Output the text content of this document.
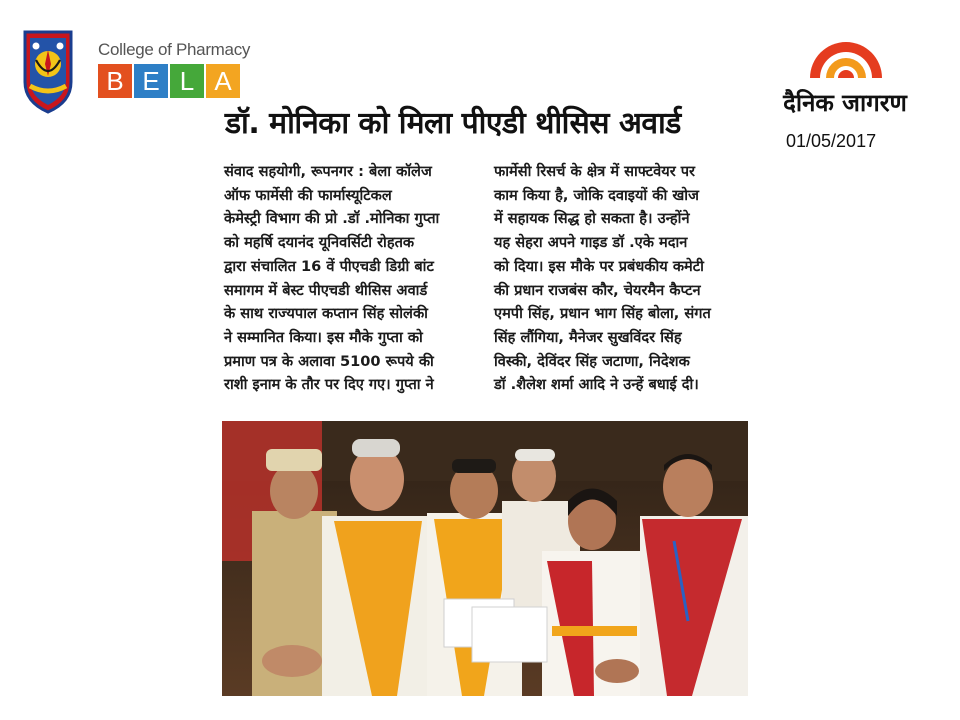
College of Pharmacy
B E L A
दैनिक जागरण
01/05/2017
डॉ. मोनिका को मिला पीएडी थीसिस अवार्ड
संवाद सहयोगी, रूपनगर : बेला कॉलेज
ऑफ फार्मेसी की फार्मास्यूटिकल
केमेस्ट्री विभाग की प्रो .डॉ .मोनिका गुप्ता
को महर्षि दयानंद यूनिवर्सिटी रोहतक
द्वारा संचालित 16 वें पीएचडी डिग्री बांट
समागम में बेस्ट पीएचडी थीसिस अवार्ड
के साथ राज्यपाल कप्तान सिंह सोलंकी
ने सम्मानित किया। इस मौके गुप्ता को
प्रमाण पत्र के अलावा 5100 रूपये की
राशी इनाम के तौर पर दिए गए। गुप्ता ने
फार्मेसी रिसर्च के क्षेत्र में साफ्टवेयर पर
काम किया है, जोकि दवाइयों की खोज
में सहायक सिद्ध हो सकता है। उन्होंने
यह सेहरा अपने गाइड डॉ .एके मदान
को दिया। इस मौके पर प्रबंधकीय कमेटी
की प्रधान राजबंस कौर, चेयरमैन कैप्टन
एमपी सिंह, प्रधान भाग सिंह बोला, संगत
सिंह लौंगिया, मैनेजर सुखविंदर सिंह
विस्की, देविंदर सिंह जटाणा, निदेशक
डॉ .शैलेश शर्मा आदि ने उन्हें बधाई दी।
